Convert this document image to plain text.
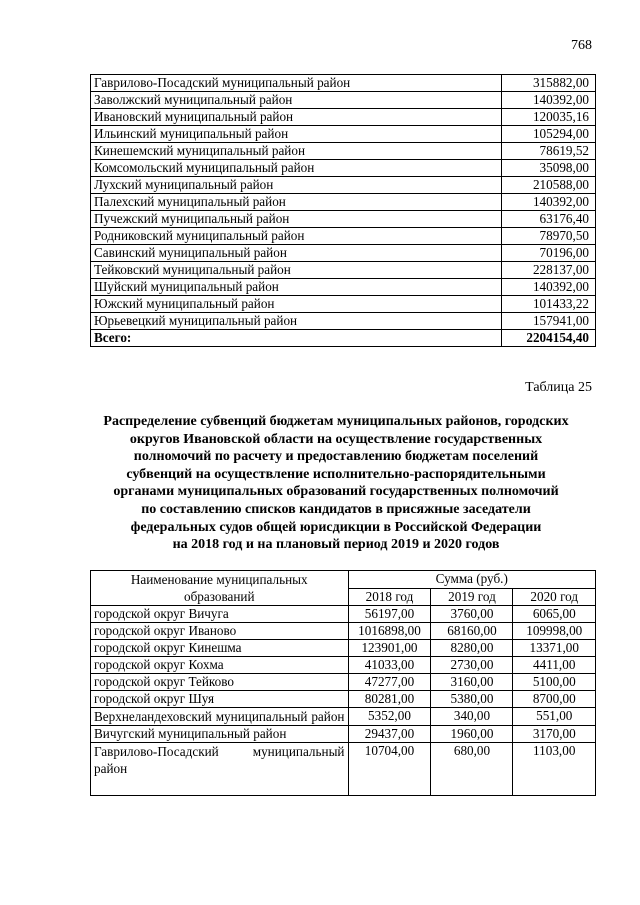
768
Гаврилово-Посадский муниципальный район	315882,00
Заволжский муниципальный район	140392,00
Ивановский муниципальный район	120035,16
Ильинский муниципальный район	105294,00
Кинешемский муниципальный район	78619,52
Комсомольский муниципальный район	35098,00
Лухский муниципальный район	210588,00
Палехский муниципальный район	140392,00
Пучежский муниципальный район	63176,40
Родниковский муниципальный район	78970,50
Савинский муниципальный район	70196,00
Тейковский муниципальный район	228137,00
Шуйский муниципальный район	140392,00
Южский муниципальный район	101433,22
Юрьевецкий муниципальный район	157941,00
Всего:	2204154,40
Таблица 25
Распределение субвенций бюджетам муниципальных районов, городских
округов Ивановской области на осуществление государственных
полномочий по расчету и предоставлению бюджетам поселений
субвенций на осуществление исполнительно-распорядительными
органами муниципальных образований государственных полномочий
по составлению списков кандидатов в присяжные заседатели
федеральных судов общей юрисдикции в Российской Федерации
на 2018 год и на плановый период 2019 и 2020 годов
Наименование муниципальных образований	Сумма (руб.)		
	2018 год	2019 год	2020 год
городской округ Вичуга	56197,00	3760,00	6065,00
городской округ Иваново	1016898,00	68160,00	109998,00
городской округ Кинешма	123901,00	8280,00	13371,00
городской округ Кохма	41033,00	2730,00	4411,00
городской округ Тейково	47277,00	3160,00	5100,00
городской округ Шуя	80281,00	5380,00	8700,00
Верхнеландеховский муниципальный район	5352,00	340,00	551,00
Вичугский муниципальный район	29437,00	1960,00	3170,00
Гаврилово-Посадский муниципальный район	10704,00	680,00	1103,00
